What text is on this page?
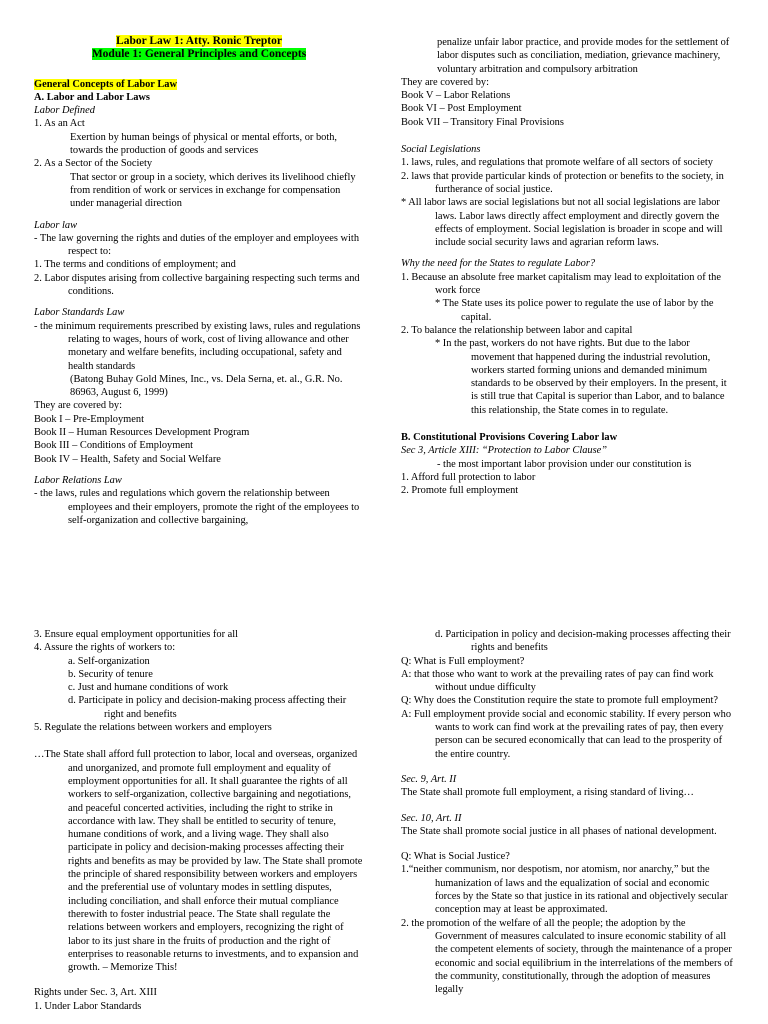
Labor Law 1: Atty. Ronic Treptor
Module 1: General Principles and Concepts

General Concepts of Labor Law

A. Labor and Labor Laws

Labor Defined

1. As an Act

Exertion by human beings of physical or mental efforts, or both, towards the production of goods and services

2. As a Sector of the Society

That sector or group in a society, which derives its livelihood chiefly from rendition of work or services in exchange for compensation under managerial direction

Labor law

- The law governing the rights and duties of the employer and employees with respect to:

1. The terms and conditions of employment; and

2. Labor disputes arising from collective bargaining respecting such terms and conditions.

Labor Standards Law

- the minimum requirements prescribed by existing laws, rules and regulations relating to wages, hours of work, cost of living allowance and other monetary and welfare benefits, including occupational, safety and health standards

(Batong Buhay Gold Mines, Inc., vs. Dela Serna, et. al., G.R. No. 86963, August 6, 1999)

They are covered by:

Book I – Pre-Employment

Book II – Human Resources Development Program

Book III – Conditions of Employment

Book IV – Health, Safety and Social Welfare

Labor Relations Law

- the laws, rules and regulations which govern the relationship between employees and their employers, promote the right of the employees to self-organization and collective bargaining,

penalize unfair labor practice, and provide modes for the settlement of labor disputes such as conciliation, mediation, grievance machinery, voluntary arbitration and compulsory arbitration

They are covered by:

Book V – Labor Relations

Book VI – Post Employment

Book VII – Transitory Final Provisions

Social Legislations

1. laws, rules, and regulations that promote welfare of all sectors of society

2. laws that provide particular kinds of protection or benefits to the society, in furtherance of social justice.

* All labor laws are social legislations but not all social legislations are labor laws. Labor laws directly affect employment and directly govern the effects of employment. Social legislation is broader in scope and will include social security laws and agrarian reform laws.

Why the need for the States to regulate Labor?

1. Because an absolute free market capitalism may lead to exploitation of the work force

* The State uses its police power to regulate the use of labor by the capital.

2. To balance the relationship between labor and capital

* In the past, workers do not have rights. But due to the labor movement that happened during the industrial revolution, workers started forming unions and demanded minimum standards to be observed by their employers. In the present, it is still true that Capital is superior than Labor, and to balance this relationship, the State comes in to regulate.

B. Constitutional Provisions Covering Labor law

Sec 3, Article XIII: “Protection to Labor Clause”

- the most important labor provision under our constitution is

1. Afford full protection to labor

2. Promote full employment

3. Ensure equal employment opportunities for all

4. Assure the rights of workers to:

a. Self-organization

b. Security of tenure

c. Just and humane conditions of work

d. Participate in policy and decision-making process affecting their right and benefits

5. Regulate the relations between workers and employers

…The State shall afford full protection to labor, local and overseas, organized and unorganized, and promote full employment and equality of employment opportunities for all. It shall guarantee the rights of all workers to self-organization, collective bargaining and negotiations, and peaceful concerted activities, including the right to strike in accordance with law. They shall be entitled to security of tenure, humane conditions of work, and a living wage. They shall also participate in policy and decision-making processes affecting their rights and benefits as may be provided by law. The State shall promote the principle of shared responsibility between workers and employers and the preferential use of voluntary modes in settling disputes, including conciliation, and shall enforce their mutual compliance therewith to foster industrial peace. The State shall regulate the relations between workers and employers, recognizing the right of labor to its just share in the fruits of production and the right of enterprises to reasonable returns to investments, and to expansion and growth. – Memorize This!

Rights under Sec. 3, Art. XIII

1. Under Labor Standards

d. Participation in policy and decision-making processes affecting their rights and benefits

Q: What is Full employment?

A: that those who want to work at the prevailing rates of pay can find work without undue difficulty

Q: Why does the Constitution require the state to promote full employment?

A: Full employment provide social and economic stability. If every person who wants to work can find work at the prevailing rates of pay, then every person can be secured economically that can lead to the prosperity of the entire country.

Sec. 9, Art. II

The State shall promote full employment, a rising standard of living…

Sec. 10, Art. II

The State shall promote social justice in all phases of national development.

Q: What is Social Justice?

1.“neither communism, nor despotism, nor atomism, nor anarchy,” but the humanization of laws and the equalization of social and economic forces by the State so that justice in its rational and objectively secular conception may at least be approximated.

2. the promotion of the welfare of all the people; the adoption by the Government of measures calculated to insure economic stability of all the competent elements of society, through the maintenance of a proper economic and social equilibrium in the interrelations of the members of the community, constitutionally, through the adoption of measures legally
